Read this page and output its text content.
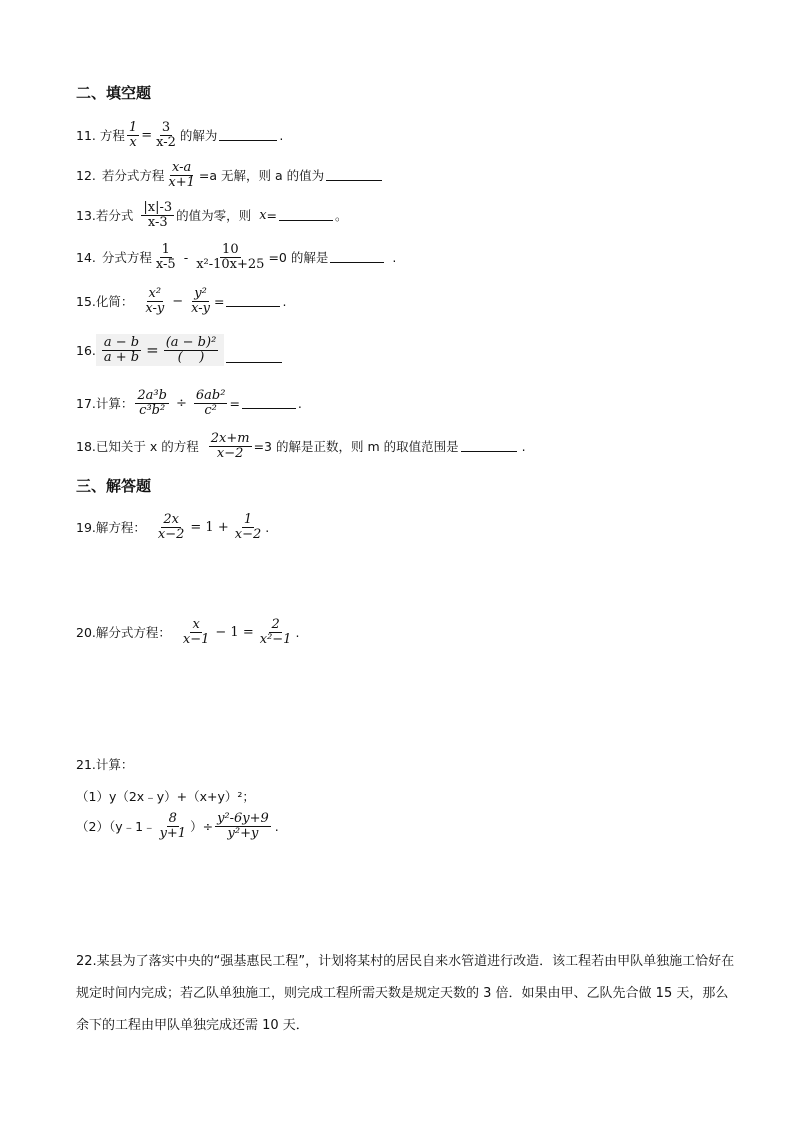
二、填空题
11. 方程 $\frac{1}{x} = \frac{3}{x-2}$ 的解为	.
12. 若分式方程 $\frac{x-a}{x+1} =a$ 无解，则 a 的值为
13. 若分式 $\frac{|x|-3}{x-3}$ 的值为零，则 x =	。
14. 分式方程 $\frac{1}{x-5} - \frac{10}{\text{x²-10x+25}} =0$ 的解是	.
15. 化简： $\frac{\text{x²}}{x-y} - \frac{\text{y²}}{x-y}$ =	.
16. $\frac{a - b}{a + b} = \frac{\text{(a − b)²}}{( )}$
17. 计算： $\frac{\text{2a³b}}{\text{c³b²}} \div \frac{\text{6ab²}}{\text{c²}}$ =	.
18. 已知关于 x 的方程 $\frac{2x+m}{x-2} =3$ 的解是正数，则 m 的取值范围是	.
三、解答题
19. 解方程： $\frac{2x}{x-2} = 1 + \frac{1}{x-2}$ .
20. 解分式方程： $\frac{x}{x-1} - 1 = \frac{2}{\text{x²−1}}$ .
21.计算：
（1）y（2x﹣y）+（x+y）²；
（2）（y﹣1﹣ $\frac{8}{y+1}$ ）÷ $\frac{\text{y²-6y+9}}{\text{y²+y}}$ .
22.某县为了落实中央的“强基惠民工程”，计划将某村的居民自来水管道进行改造．该工程若由甲队单独施工恰好在规定时间内完成；若乙队单独施工，则完成工程所需天数是规定天数的 3 倍．如果由甲、乙队先合做 15 天，那么余下的工程由甲队单独完成还需 10 天．
